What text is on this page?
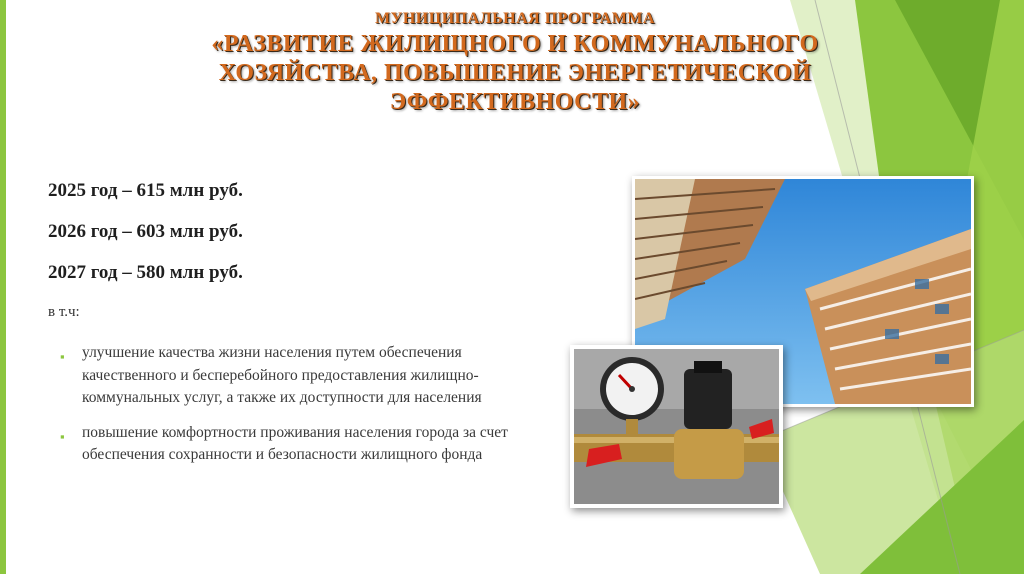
МУНИЦИПАЛЬНАЯ ПРОГРАММА
«РАЗВИТИЕ ЖИЛИЩНОГО И КОММУНАЛЬНОГО
ХОЗЯЙСТВА, ПОВЫШЕНИЕ ЭНЕРГЕТИЧЕСКОЙ
ЭФФЕКТИВНОСТИ»
2025 год – 615 млн руб.
2026 год – 603 млн руб.
2027 год – 580 млн руб.
в т.ч:
▪ улучшение качества жизни населения путем обеспечения качественного и бесперебойного предоставления жилищно-коммунальных услуг, а также их доступности для населения
▪ повышение комфортности проживания населения города за счет обеспечения сохранности и безопасности жилищного фонда
